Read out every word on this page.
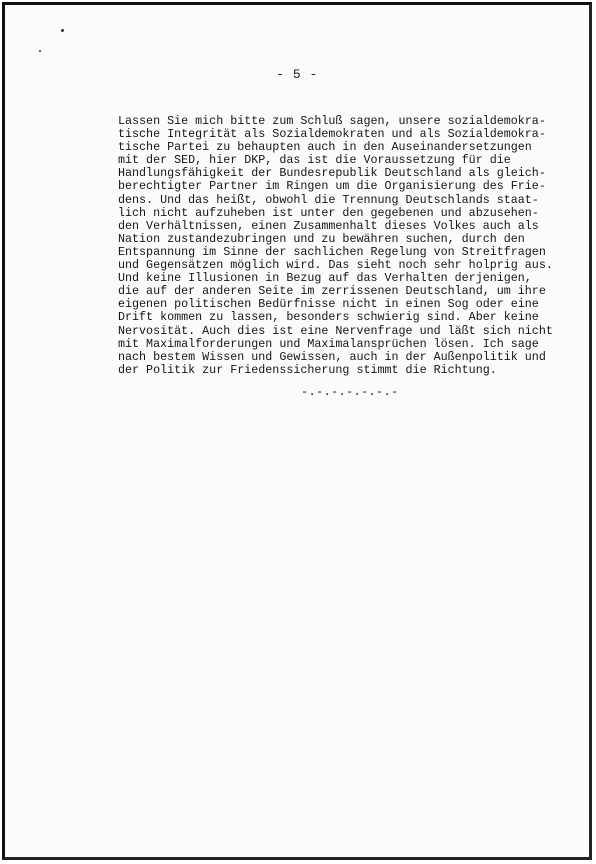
- 5 -

Lassen Sie mich bitte zum Schluß sagen, unsere sozialdemokra-
tische Integrität als Sozialdemokraten und als Sozialdemokra-
tische Partei zu behaupten auch in den Auseinandersetzungen
mit der SED, hier DKP, das ist die Voraussetzung für die
Handlungsfähigkeit der Bundesrepublik Deutschland als gleich-
berechtigter Partner im Ringen um die Organisierung des Frie-
dens. Und das heißt, obwohl die Trennung Deutschlands staat-
lich nicht aufzuheben ist unter den gegebenen und abzusehen-
den Verhältnissen, einen Zusammenhalt dieses Volkes auch als
Nation zustandezubringen und zu bewähren suchen, durch den
Entspannung im Sinne der sachlichen Regelung von Streitfragen
und Gegensätzen möglich wird. Das sieht noch sehr holprig aus.
Und keine Illusionen in Bezug auf das Verhalten derjenigen,
die auf der anderen Seite im zerrissenen Deutschland, um ihre
eigenen politischen Bedürfnisse nicht in einen Sog oder eine
Drift kommen zu lassen, besonders schwierig sind. Aber keine
Nervosität. Auch dies ist eine Nervenfrage und läßt sich nicht
mit Maximalforderungen und Maximalansprüchen lösen. Ich sage
nach bestem Wissen und Gewissen, auch in der Außenpolitik und
der Politik zur Friedenssicherung stimmt die Richtung.

-.-.-.-.-.-.-
